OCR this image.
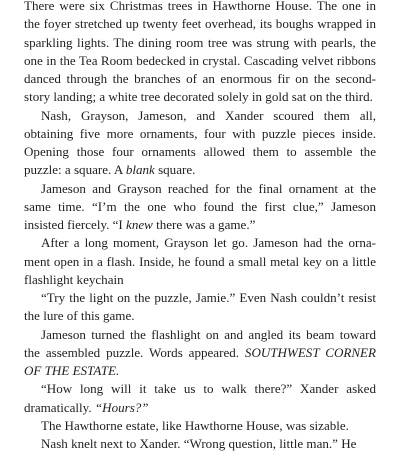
There were six Christmas trees in Hawthorne House. The one in the foyer stretched up twenty feet overhead, its boughs wrapped in sparkling lights. The dining room tree was strung with pearls, the one in the Tea Room bedecked in crystal. Cascading velvet ribbons danced through the branches of an enormous fir on the second-story landing; a white tree decorated solely in gold sat on the third.

Nash, Grayson, Jameson, and Xander scoured them all, obtaining five more ornaments, four with puzzle pieces inside. Opening those four ornaments allowed them to assemble the puzzle: a square. A blank square.

Jameson and Grayson reached for the final ornament at the same time. “I’m the one who found the first clue,” Jameson insisted fiercely. “I knew there was a game.”

After a long moment, Grayson let go. Jameson had the ornament open in a flash. Inside, he found a small metal key on a little flashlight keychain

“Try the light on the puzzle, Jamie.” Even Nash couldn’t resist the lure of this game.

Jameson turned the flashlight on and angled its beam toward the assembled puzzle. Words appeared. SOUTHWEST CORNER OF THE ESTATE.

“How long will it take us to walk there?” Xander asked dramatically. “Hours?”

The Hawthorne estate, like Hawthorne House, was sizable.

Nash knelt next to Xander. “Wrong question, little man.” He
